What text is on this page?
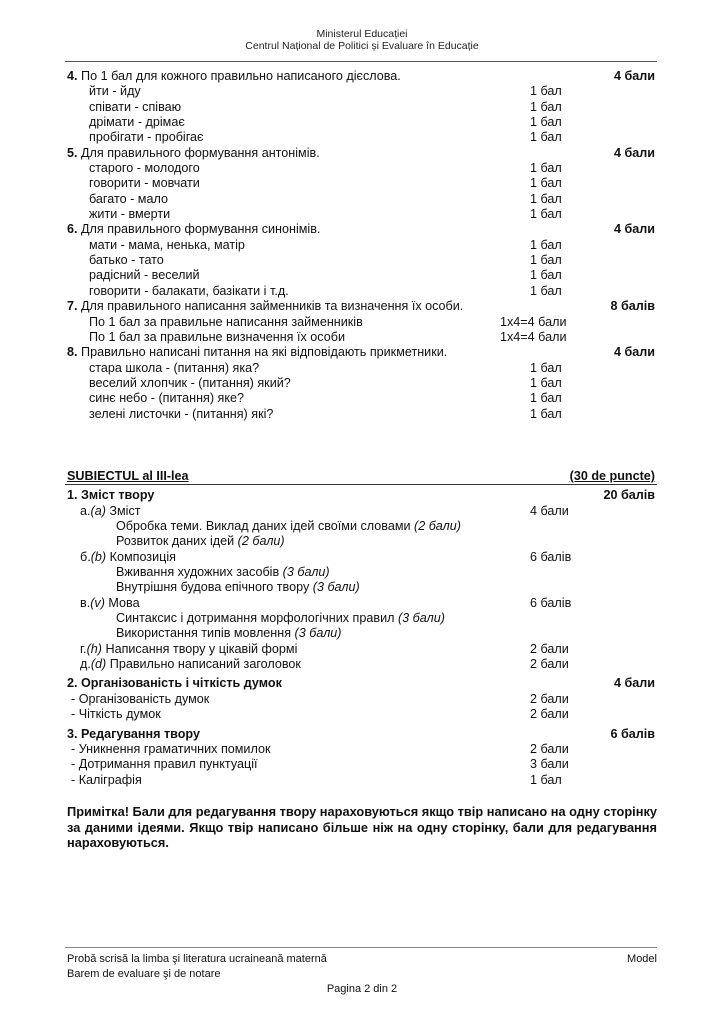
Ministerul Educației
Centrul Național de Politici și Evaluare în Educație
4. По 1 бал для кожного правильно написаного дієслова.	4 бали
йти - йду	1 бал
співати - співаю	1 бал
дрімати - дрімає	1 бал
пробігати - пробігає	1 бал
5. Для правильного формування антонімів.	4 бали
старого - молодого	1 бал
говорити - мовчати	1 бал
багато - мало	1 бал
жити - вмерти	1 бал
6. Для правильного формування синонімів.	4 бали
мати - мама, ненька, матір	1 бал
батько - тато	1 бал
радісний - веселий	1 бал
говорити - балакати, базікати і т.д.	1 бал
7. Для правильного написання займенників та визначення їх особи.	8 балів
По 1 бал за правильне написання займенників	1x4=4 бали
По 1 бал за правильне визначення їх особи	1x4=4 бали
8. Правильно написані питання на які відповідають прикметники.	4 бали
стара школа - (питання) яка?	1 бал
веселий хлопчик - (питання) який?	1 бал
синє небо - (питання) яке?	1 бал
зелені листочки - (питання) які?	1 бал
SUBIECTUL al III-lea	(30 de puncte)
1. Зміст твору	20 балів
а.(a) Зміст	4 бали
Обробка теми. Виклад даних ідей своїми словами (2 бали)
Розвиток даних ідей (2 бали)
б.(b) Композиція	6 балів
Вживання художних засобів (3 бали)
Внутрішня будова епічного твору (3 бали)
в.(v) Мова	6 балів
Синтаксис і дотримання морфологічних правил (3 бали)
Використання типів мовлення (3 бали)
г.(h) Написання твору у цікавій формі	2 бали
д.(d) Правильно написаний заголовок	2 бали
2. Організованість і чіткість думок	4 бали
- Організованість думок	2 бали
- Чіткість думок	2 бали
3. Редагування твору	6 балів
- Уникнення граматичних помилок	2 бали
- Дотримання правил пунктуації	3 бали
- Каліграфія	1 бал
Примітка! Бали для редагування твору нараховуються якщо твір написано на одну сторінку за даними ідеями. Якщо твір написано більше ніж на одну сторінку, бали для редагування нараховуються.
Probă scrisă la limba şi literatura ucraineană maternă	Model
Barem de evaluare şi de notare
Pagina 2 din 2
